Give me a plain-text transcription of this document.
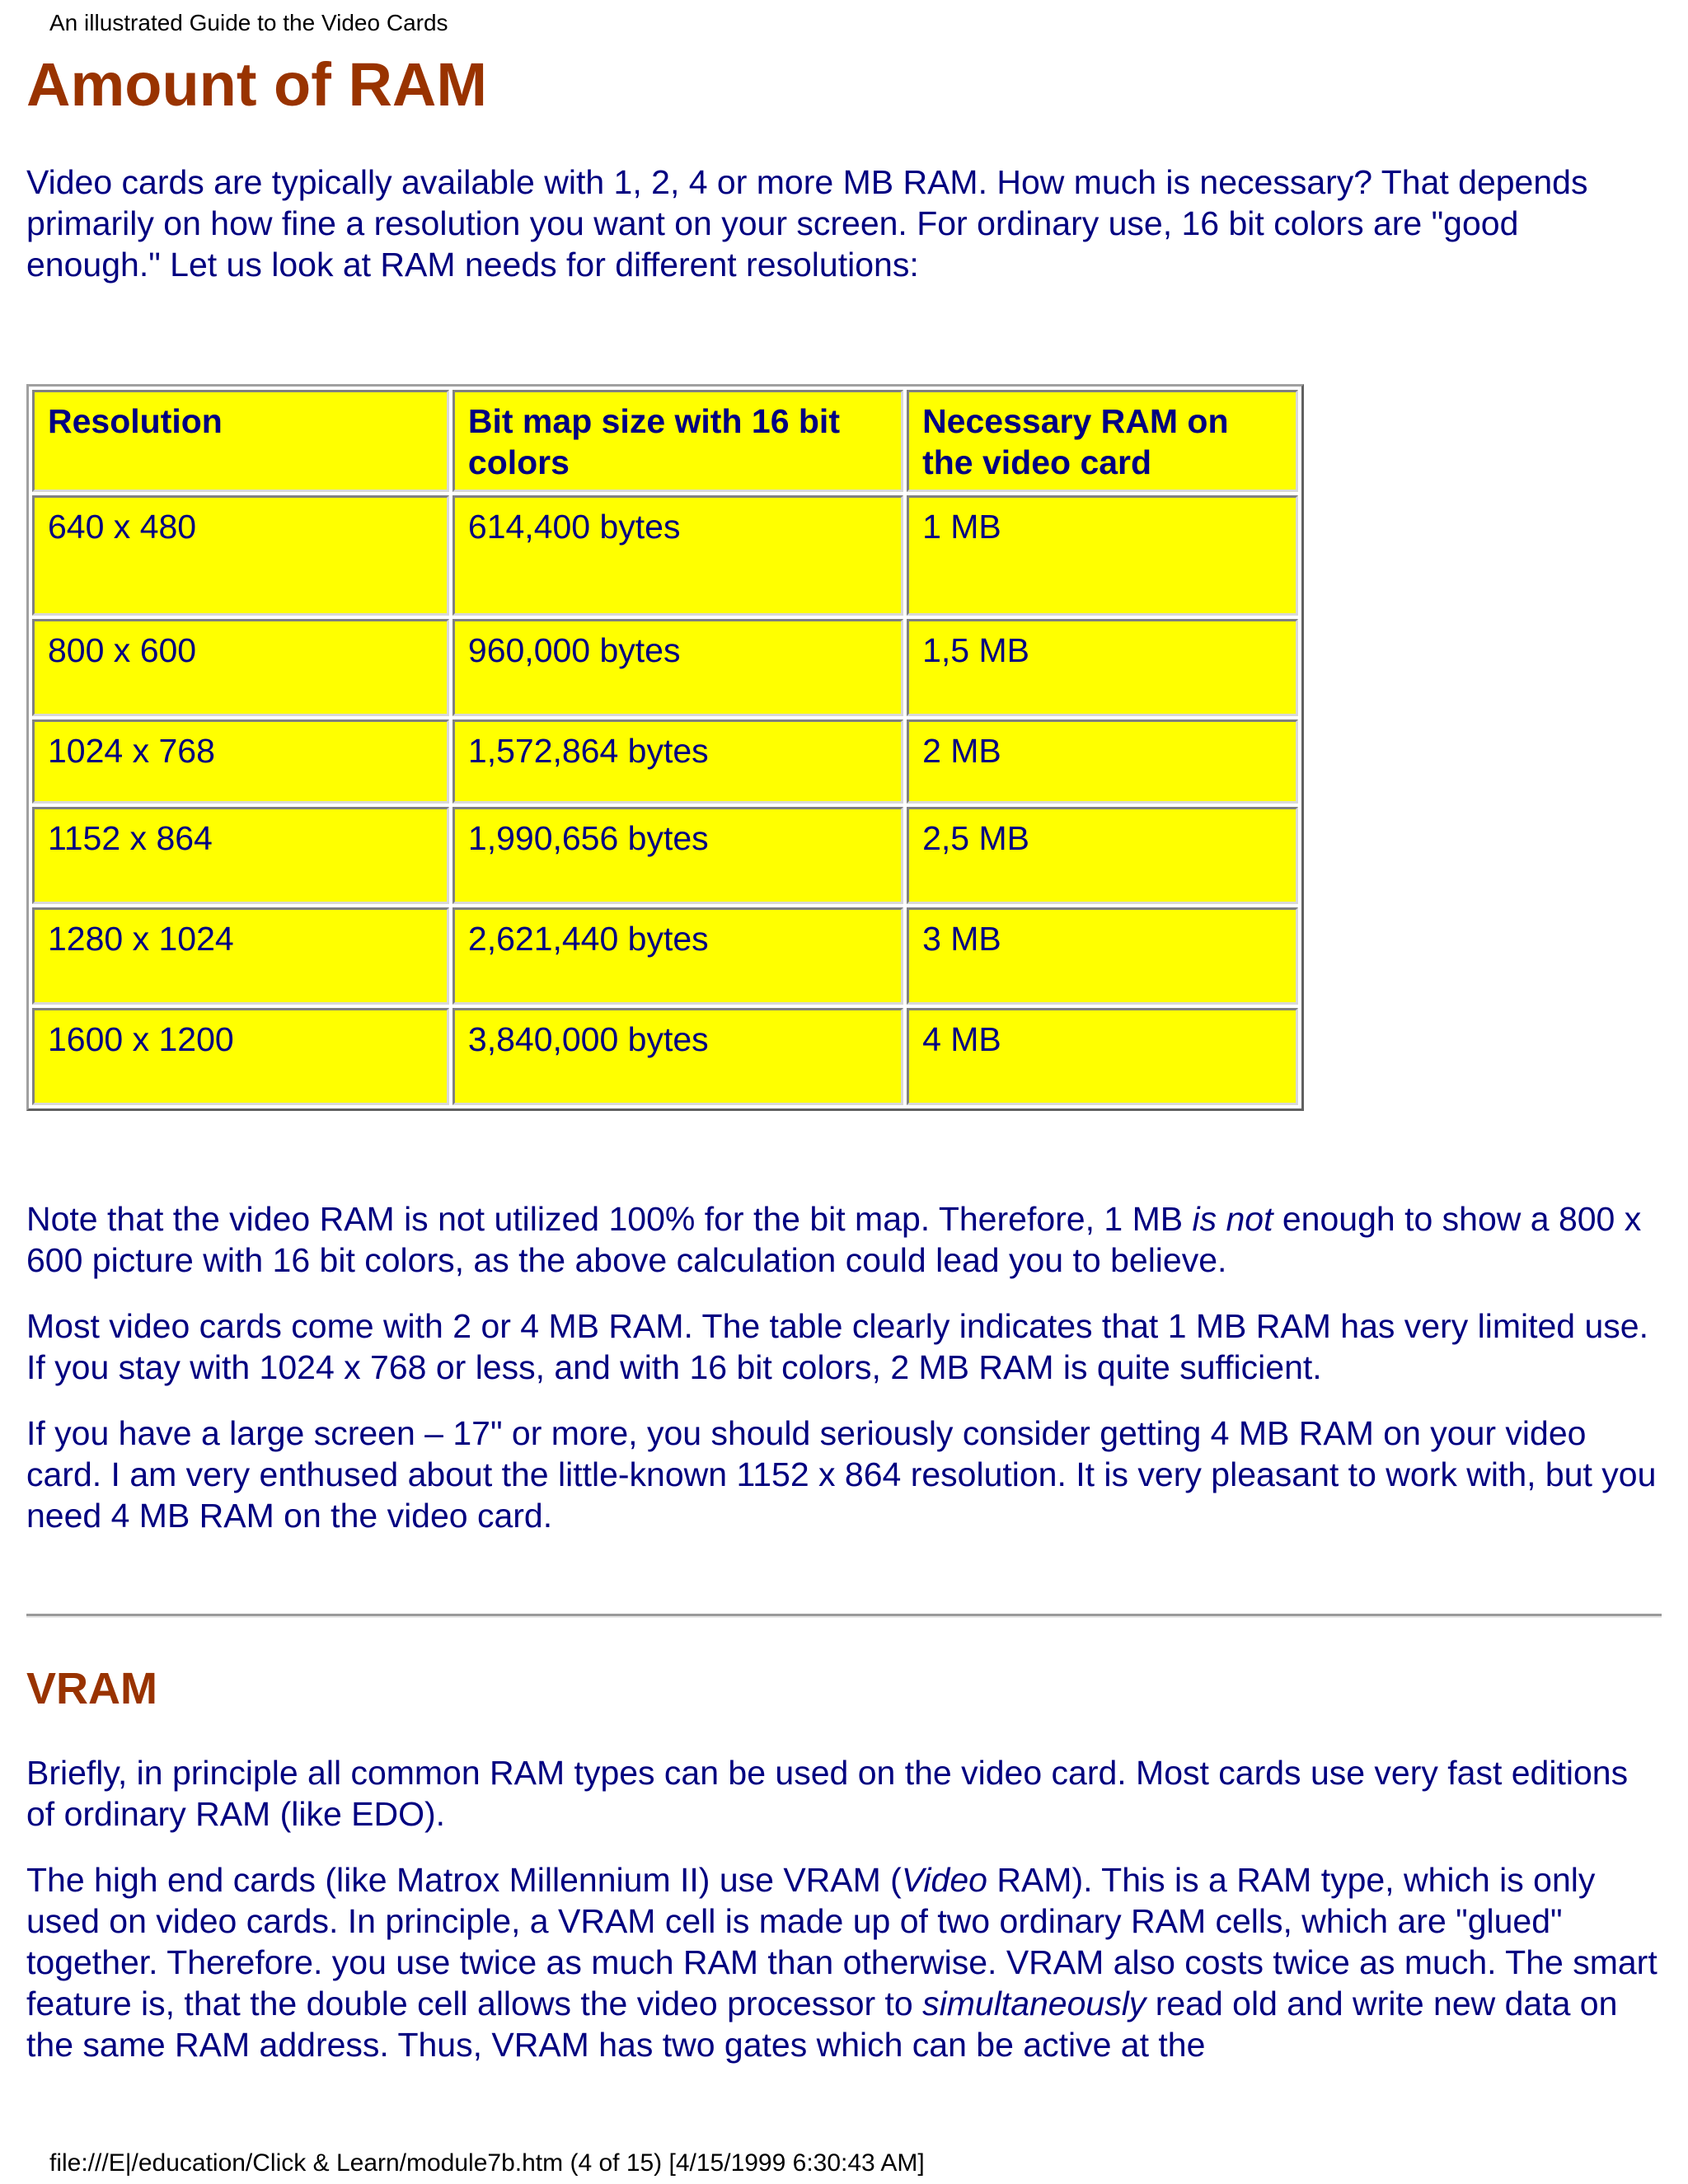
An illustrated Guide to the Video Cards
Amount of RAM

Video cards are typically available with 1, 2, 4 or more MB RAM. How much is necessary? That depends primarily on how fine a resolution you want on your screen. For ordinary use, 16 bit colors are "good enough." Let us look at RAM needs for different resolutions:

Resolution	Bit map size with 16 bit colors	Necessary RAM on the video card
640 x 480	614,400 bytes	1 MB
800 x 600	960,000 bytes	1,5 MB
1024 x 768	1,572,864 bytes	2 MB
1152 x 864	1,990,656 bytes	2,5 MB
1280 x 1024	2,621,440 bytes	3 MB
1600 x 1200	3,840,000 bytes	4 MB

Note that the video RAM is not utilized 100% for the bit map. Therefore, 1 MB is not enough to show a 800 x 600 picture with 16 bit colors, as the above calculation could lead you to believe.

Most video cards come with 2 or 4 MB RAM. The table clearly indicates that 1 MB RAM has very limited use. If you stay with 1024 x 768 or less, and with 16 bit colors, 2 MB RAM is quite sufficient.

If you have a large screen – 17" or more, you should seriously consider getting 4 MB RAM on your video card. I am very enthused about the little-known 1152 x 864 resolution. It is very pleasant to work with, but you need 4 MB RAM on the video card.

VRAM

Briefly, in principle all common RAM types can be used on the video card. Most cards use very fast editions of ordinary RAM (like EDO).

The high end cards (like Matrox Millennium II) use VRAM (Video RAM). This is a RAM type, which is only used on video cards. In principle, a VRAM cell is made up of two ordinary RAM cells, which are "glued" together. Therefore. you use twice as much RAM than otherwise. VRAM also costs twice as much. The smart feature is, that the double cell allows the video processor to simultaneously read old and write new data on the same RAM address. Thus, VRAM has two gates which can be active at the

file:///E|/education/Click & Learn/module7b.htm (4 of 15) [4/15/1999 6:30:43 AM]
